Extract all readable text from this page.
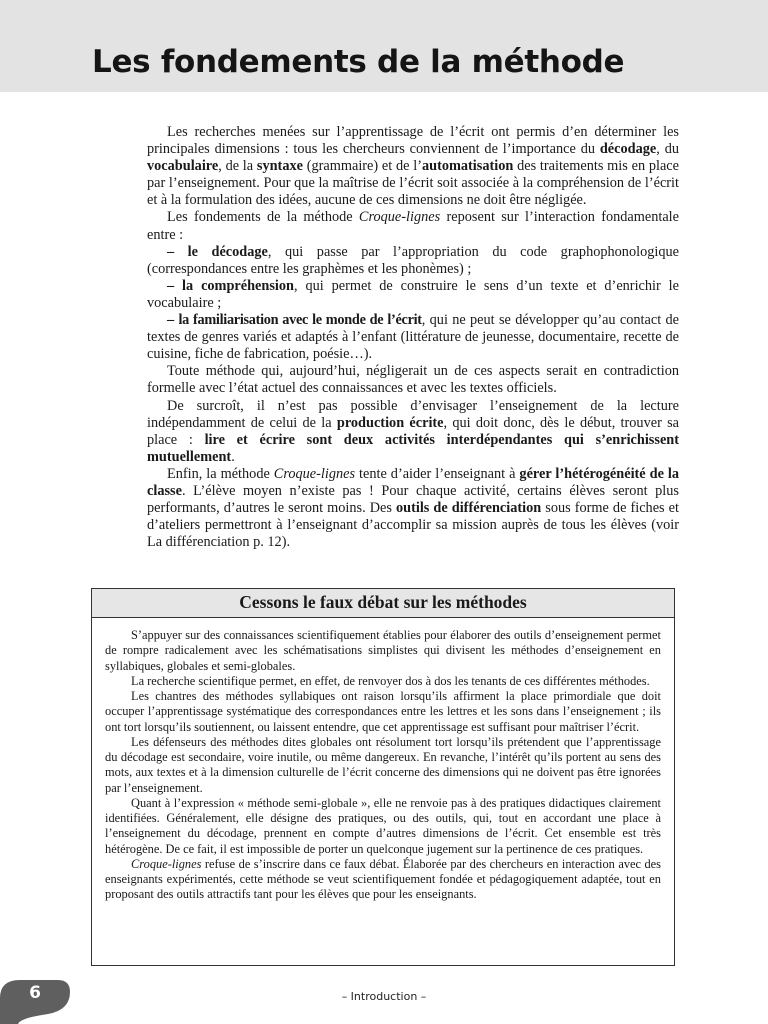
Les fondements de la méthode

Les recherches menées sur l’apprentissage de l’écrit ont permis d’en déterminer les principales dimensions : tous les chercheurs conviennent de l’importance du décodage, du vocabulaire, de la syntaxe (grammaire) et de l’automatisation des traitements mis en place par l’enseignement. Pour que la maîtrise de l’écrit soit associée à la compréhension de l’écrit et à la formulation des idées, aucune de ces dimensions ne doit être négligée.

Les fondements de la méthode Croque-lignes reposent sur l’interaction fondamentale entre :

– le décodage, qui passe par l’appropriation du code graphophonologique (correspondances entre les graphèmes et les phonèmes) ;

– la compréhension, qui permet de construire le sens d’un texte et d’enrichir le vocabulaire ;

– la familiarisation avec le monde de l’écrit, qui ne peut se développer qu’au contact de textes de genres variés et adaptés à l’enfant (littérature de jeunesse, documentaire, recette de cuisine, fiche de fabrication, poésie…).

Toute méthode qui, aujourd’hui, négligerait un de ces aspects serait en contradiction formelle avec l’état actuel des connaissances et avec les textes officiels.

De surcroît, il n’est pas possible d’envisager l’enseignement de la lecture indépendamment de celui de la production écrite, qui doit donc, dès le début, trouver sa place : lire et écrire sont deux activités interdépendantes qui s’enrichissent mutuellement.

Enfin, la méthode Croque-lignes tente d’aider l’enseignant à gérer l’hétérogénéité de la classe. L’élève moyen n’existe pas ! Pour chaque activité, certains élèves seront plus performants, d’autres le seront moins. Des outils de différenciation sous forme de fiches et d’ateliers permettront à l’enseignant d’accomplir sa mission auprès de tous les élèves (voir La différenciation p. 12).

Cessons le faux débat sur les méthodes

S’appuyer sur des connaissances scientifiquement établies pour élaborer des outils d’enseignement permet de rompre radicalement avec les schématisations simplistes qui divisent les méthodes d’enseignement en syllabiques, globales et semi-globales.

La recherche scientifique permet, en effet, de renvoyer dos à dos les tenants de ces différentes méthodes.

Les chantres des méthodes syllabiques ont raison lorsqu’ils affirment la place primordiale que doit occuper l’apprentissage systématique des correspondances entre les lettres et les sons dans l’enseignement ; ils ont tort lorsqu’ils soutiennent, ou laissent entendre, que cet apprentissage est suffisant pour maîtriser l’écrit.

Les défenseurs des méthodes dites globales ont résolument tort lorsqu’ils prétendent que l’apprentissage du décodage est secondaire, voire inutile, ou même dangereux. En revanche, l’intérêt qu’ils portent au sens des mots, aux textes et à la dimension culturelle de l’écrit concerne des dimensions qui ne doivent pas être ignorées par l’enseignement.

Quant à l’expression « méthode semi-globale », elle ne renvoie pas à des pratiques didactiques clairement identifiées. Généralement, elle désigne des pratiques, ou des outils, qui, tout en accordant une place à l’enseignement du décodage, prennent en compte d’autres dimensions de l’écrit. Cet ensemble est très hétérogène. De ce fait, il est impossible de porter un quelconque jugement sur la pertinence de ces pratiques.

Croque-lignes refuse de s’inscrire dans ce faux débat. Élaborée par des chercheurs en interaction avec des enseignants expérimentés, cette méthode se veut scientifiquement fondée et pédagogiquement adaptée, tout en proposant des outils attractifs tant pour les élèves que pour les enseignants.

6	– Introduction –
